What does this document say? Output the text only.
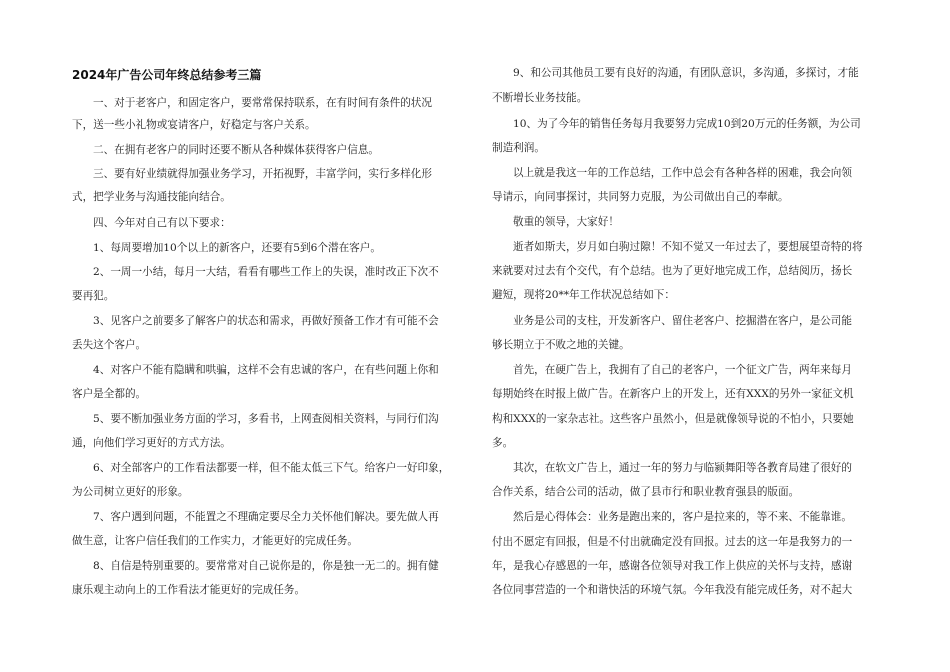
2024年广告公司年终总结参考三篇
一、对于老客户，和固定客户，要常常保持联系，在有时间有条件的状况
下，送一些小礼物或宴请客户，好稳定与客户关系。
二、在拥有老客户的同时还要不断从各种媒体获得客户信息。
三、要有好业绩就得加强业务学习，开拓视野，丰富学问，实行多样化形
式，把学业务与沟通技能向结合。
四、今年对自己有以下要求：
1、每周要增加10个以上的新客户，还要有5到6个潜在客户。
2、一周一小结，每月一大结，看看有哪些工作上的失误，准时改正下次不
要再犯。
3、见客户之前要多了解客户的状态和需求，再做好预备工作才有可能不会
丢失这个客户。
4、对客户不能有隐瞒和哄骗，这样不会有忠诚的客户，在有些问题上你和
客户是全都的。
5、要不断加强业务方面的学习，多看书，上网查阅相关资料，与同行们沟
通，向他们学习更好的方式方法。
6、对全部客户的工作看法都要一样，但不能太低三下气。给客户一好印象，
为公司树立更好的形象。
7、客户遇到问题，不能置之不理确定要尽全力关怀他们解决。要先做人再
做生意，让客户信任我们的工作实力，才能更好的完成任务。
8、自信是特别重要的。要常常对自己说你是的，你是独一无二的。拥有健
康乐观主动向上的工作看法才能更好的完成任务。
9、和公司其他员工要有良好的沟通，有团队意识，多沟通，多探讨，才能
不断增长业务技能。
10、为了今年的销售任务每月我要努力完成10到20万元的任务额，为公司
制造利润。
以上就是我这一年的工作总结，工作中总会有各种各样的困难，我会向领
导请示，向同事探讨，共同努力克服，为公司做出自己的奉献。
敬重的领导，大家好！
逝者如斯夫，岁月如白驹过隙！不知不觉又一年过去了，要想展望奇特的将
来就要对过去有个交代，有个总结。也为了更好地完成工作，总结阅历，扬长
避短，现将20**年工作状况总结如下：
业务是公司的支柱，开发新客户、留住老客户、挖掘潜在客户，是公司能
够长期立于不败之地的关键。
首先，在硬广告上，我拥有了自己的老客户，一个征文广告，两年来每月
每期始终在时报上做广告。在新客户上的开发上，还有XXX的另外一家征文机
构和XXX的一家杂志社。这些客户虽然小，但是就像领导说的不怕小，只要她
多。
其次，在软文广告上，通过一年的努力与临颍舞阳等各教育局建了很好的
合作关系，结合公司的活动，做了县市行和职业教育强县的版面。
然后是心得体会：业务是跑出来的，客户是拉来的，等不来、不能靠谁。
付出不愿定有回报，但是不付出就确定没有回报。过去的这一年是我努力的一
年，是我心存感恩的一年，感谢各位领导对我工作上供应的关怀与支持，感谢
各位同事营造的一个和谐快活的环境气氛。今年我没有能完成任务，对不起大
